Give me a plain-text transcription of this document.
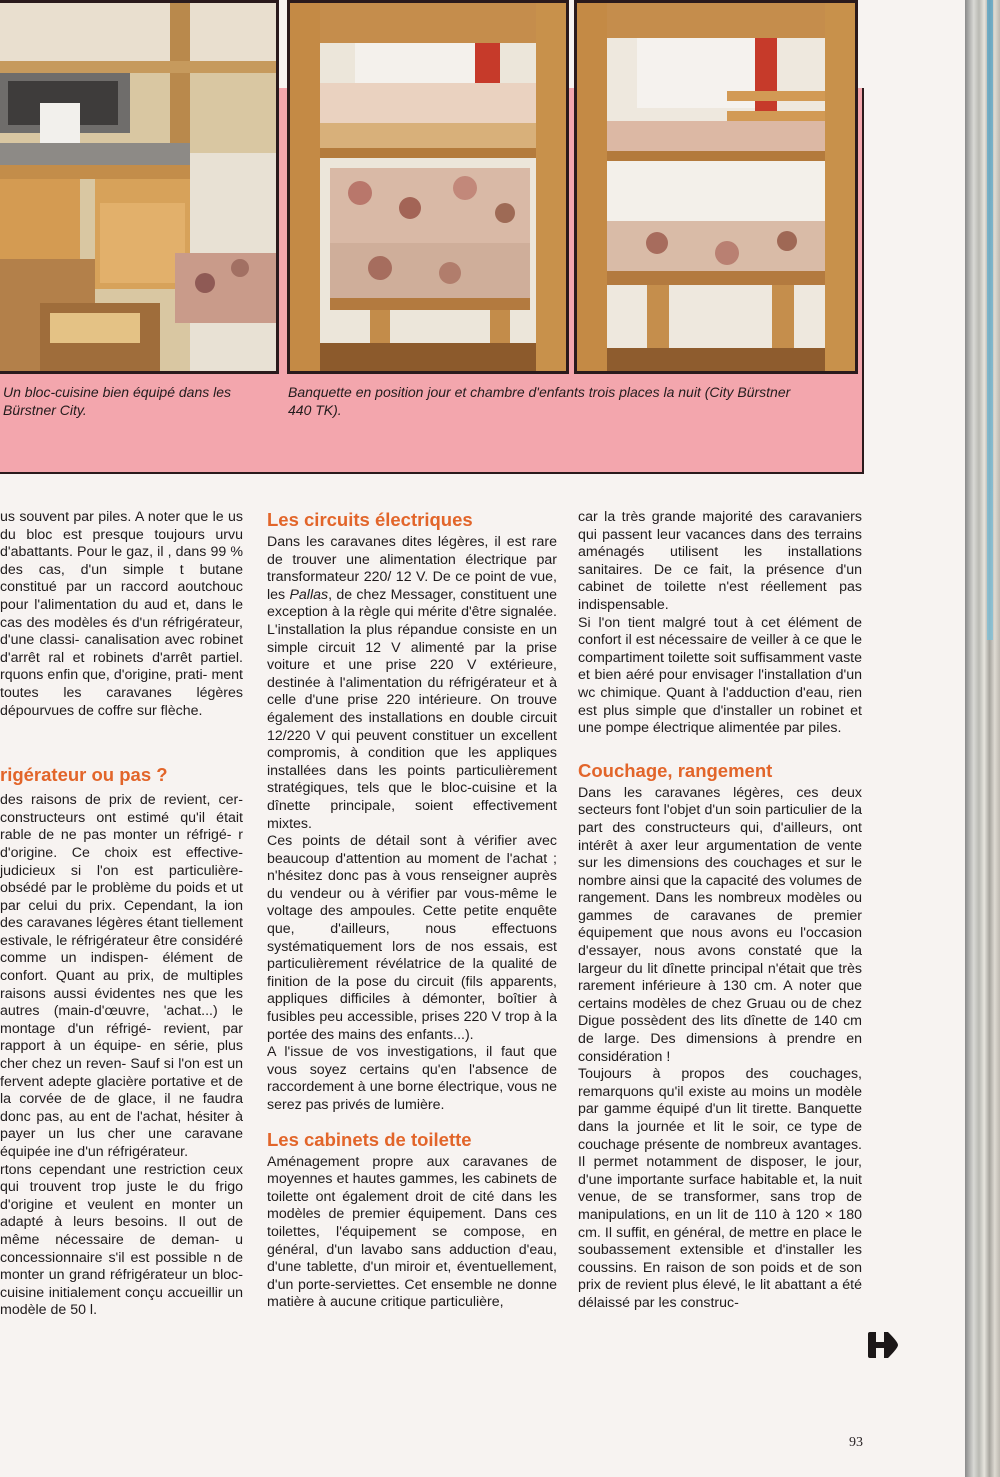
Un bloc-cuisine bien équipé dans les Bürstner City.
Banquette en position jour et chambre d'enfants trois places la nuit (City Bürstner 440 TK).

us souvent par piles. A noter que le us du bloc est presque toujours urvu d'abattants. Pour le gaz, il , dans 99 % des cas, d'un simple t butane constitué par un raccord aoutchouc pour l'alimentation du aud et, dans le cas des modèles és d'un réfrigérateur, d'une classi- canalisation avec robinet d'arrêt ral et robinets d'arrêt partiel. rquons enfin que, d'origine, prati- ment toutes les caravanes légères dépourvues de coffre sur flèche.

rigérateur ou pas ?

des raisons de prix de revient, cer- constructeurs ont estimé qu'il était rable de ne pas monter un réfrigé- r d'origine. Ce choix est effective- judicieux si l'on est particulière- obsédé par le problème du poids et ut par celui du prix. Cependant, la ion des caravanes légères étant tiellement estivale, le réfrigérateur être considéré comme un indispen- élément de confort. Quant au prix, de multiples raisons aussi évidentes nes que les autres (main-d'œuvre, 'achat...) le montage d'un réfrigé- revient, par rapport à un équipe- en série, plus cher chez un reven- Sauf si l'on est un fervent adepte glacière portative et de la corvée de de glace, il ne faudra donc pas, au ent de l'achat, hésiter à payer un lus cher une caravane équipée ine d'un réfrigérateur.

rtons cependant une restriction ceux qui trouvent trop juste le du frigo d'origine et veulent en monter un adapté à leurs besoins. Il out de même nécessaire de deman- u concessionnaire s'il est possible n de monter un grand réfrigérateur un bloc-cuisine initialement conçu accueillir un modèle de 50 l.

Les circuits électriques

Dans les caravanes dites légères, il est rare de trouver une alimentation électrique par transformateur 220/ 12 V. De ce point de vue, les Pallas, de chez Messager, constituent une exception à la règle qui mérite d'être signalée. L'installation la plus répandue consiste en un simple circuit 12 V alimenté par la prise voiture et une prise 220 V extérieure, destinée à l'alimentation du réfrigérateur et à celle d'une prise 220 intérieure. On trouve également des installations en double circuit 12/220 V qui peuvent constituer un excellent compromis, à condition que les appliques installées dans les points particulièrement stratégiques, tels que le bloc-cuisine et la dînette principale, soient effectivement mixtes.

Ces points de détail sont à vérifier avec beaucoup d'attention au moment de l'achat ; n'hésitez donc pas à vous renseigner auprès du vendeur ou à vérifier par vous-même le voltage des ampoules. Cette petite enquête que, d'ailleurs, nous effectuons systématiquement lors de nos essais, est particulièrement révélatrice de la qualité de finition de la pose du circuit (fils apparents, appliques difficiles à démonter, boîtier à fusibles peu accessible, prises 220 V trop à la portée des mains des enfants...).

A l'issue de vos investigations, il faut que vous soyez certains qu'en l'absence de raccordement à une borne électrique, vous ne serez pas privés de lumière.

Les cabinets de toilette

Aménagement propre aux caravanes de moyennes et hautes gammes, les cabinets de toilette ont également droit de cité dans les modèles de premier équipement. Dans ces toilettes, l'équipement se compose, en général, d'un lavabo sans adduction d'eau, d'une tablette, d'un miroir et, éventuellement, d'un porte-serviettes. Cet ensemble ne donne matière à aucune critique particulière,

car la très grande majorité des caravaniers qui passent leur vacances dans des terrains aménagés utilisent les installations sanitaires. De ce fait, la présence d'un cabinet de toilette n'est réellement pas indispensable.

Si l'on tient malgré tout à cet élément de confort il est nécessaire de veiller à ce que le compartiment toilette soit suffisamment vaste et bien aéré pour envisager l'installation d'un wc chimique. Quant à l'adduction d'eau, rien est plus simple que d'installer un robinet et une pompe électrique alimentée par piles.

Couchage, rangement

Dans les caravanes légères, ces deux secteurs font l'objet d'un soin particulier de la part des constructeurs qui, d'ailleurs, ont intérêt à axer leur argumentation de vente sur les dimensions des couchages et sur le nombre ainsi que la capacité des volumes de rangement. Dans les nombreux modèles ou gammes de caravanes de premier équipement que nous avons eu l'occasion d'essayer, nous avons constaté que la largeur du lit dînette principal n'était que très rarement inférieure à 130 cm. A noter que certains modèles de chez Gruau ou de chez Digue possèdent des lits dînette de 140 cm de large. Des dimensions à prendre en considération !

Toujours à propos des couchages, remarquons qu'il existe au moins un modèle par gamme équipé d'un lit tirette. Banquette dans la journée et lit le soir, ce type de couchage présente de nombreux avantages. Il permet notamment de disposer, le jour, d'une importante surface habitable et, la nuit venue, de se transformer, sans trop de manipulations, en un lit de 110 à 120 × 180 cm. Il suffit, en général, de mettre en place le soubassement extensible et d'installer les coussins. En raison de son poids et de son prix de revient plus élevé, le lit abattant a été délaissé par les construc-

93
